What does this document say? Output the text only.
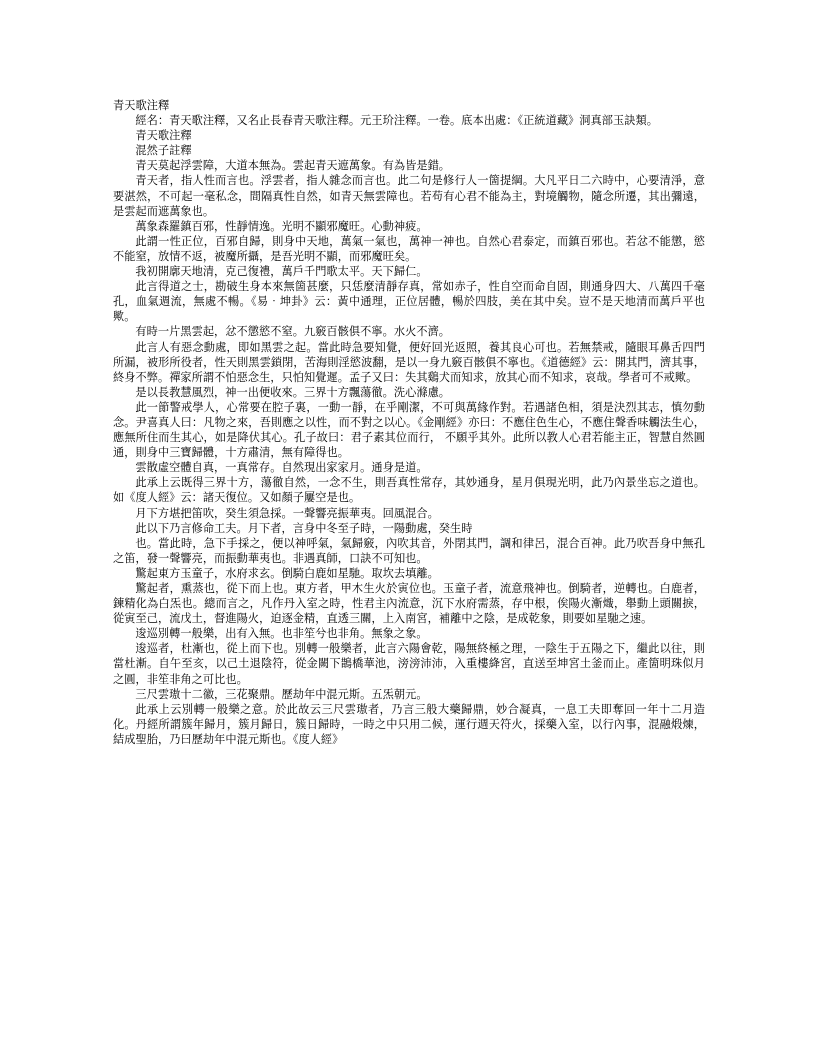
青天歌注釋

經名：青天歌注釋，又名止長春青天歌注釋。元王玠注釋。一卷。底本出處：《正統道藏》洞真部玉訣類。

青天歌注釋

混然子註釋

青天莫起浮雲障，大道本無為。雲起青天遮萬象。有為皆是錯。

青天者，指人性而言也。浮雲者，指人雜念而言也。此二句是修行人一箇提綱。大凡平日二六時中，心要清淨，意要湛然，不可起一毫私念，間隔真性自然，如青天無雲障也。若苟有心君不能為主，對境觸物，隨念所遷，其出彌遠，是雲起而遮萬象也。

萬象森羅鎮百邪，性靜情逸。光明不顯邪魔旺。心動神疲。

此謂一性正位，百邪自歸，則身中天地，萬氣一氣也，萬神一神也。自然心君泰定，而鎮百邪也。若忿不能懲，慾不能窒，放情不返，被魔所攝，是吾光明不顯，而邪魔旺矣。

我初開廓天地清，克己復禮，萬戶千門歌太平。天下歸仁。

此言得道之士，勘破生身本來無箇甚麼，只恁麼清靜存真，常如赤子，性自空而命自固，則通身四大、八萬四千毫孔，血氣週流，無處不暢。《易‧坤卦》云：黃中通理，正位居體，暢於四肢，美在其中矣。豈不是天地清而萬戶平也歟。

有時一片黑雲起，忿不懲慾不窒。九竅百骸俱不寧。水火不濟。

此言人有惡念動處，即如黑雲之起。當此時急要知覺，便好回光返照，養其良心可也。若無禁戒，隨眼耳鼻舌四門所漏，被形所役者，性天則黑雲鎖閉，苦海則淫慾波翻，是以一身九竅百骸俱不寧也。《道德經》云：開其門，濟其事，終身不弊。禪家所謂不怕惡念生，只怕知覺遲。孟子又曰：失其鷄犬而知求，放其心而不知求，哀哉。學者可不戒歟。

是以長教慧風烈，神一出便收來。三界十方飄蕩徹。洗心滌慮。

此一節警戒學人，心常要在腔子裏，一動一靜，在乎剛潔，不可與萬緣作對。若遇諸色相，須是決烈其志，慎勿動念。尹喜真人曰：凡物之來，吾則應之以性，而不對之以心。《金剛經》亦曰：不應住色生心，不應住聲香味觸法生心，應無所住而生其心，如是降伏其心。孔子故曰：君子素其位而行， 不願乎其外。此所以教人心君若能主正，智慧自然圓通，則身中三寶歸體，十方肅清，無有障得也。

雲散虛空體自真，一真常存。自然現出家家月。通身是道。

此承上云既得三界十方，蕩徹自然，一念不生，則吾真性常存，其妙通身，星月俱現光明，此乃內景坐忘之道也。如《度人經》云：諸天復位。又如顏子屢空是也。

月下方堪把笛吹，癸生須急採。一聲響亮振華夷。回風混合。

此以下乃言修命工夫。月下者，言身中冬至子時，一陽動處，癸生時

也。當此時，急下手採之，便以神呼氣，氣歸竅，內吹其音，外閉其門，調和律呂，混合百神。此乃吹吾身中無孔之笛，發一聲響亮，而振動華夷也。非遇真師，口訣不可知也。

驚起東方玉童子，水府求玄。倒騎白鹿如星馳。取坎去填離。

驚起者，熏蒸也，從下而上也。東方者，甲木生火於寅位也。玉童子者，流意飛神也。倒騎者，逆轉也。白鹿者，鍊精化為白炁也。總而言之，凡作丹入室之時，性君主內流意，沉下水府需蒸，存中根，俟陽火漸熾，舉動上頭關捩，從寅至己，流戊土，督進陽火，迫逐金精，直透三關，上入南宮，補離中之陰，是成乾象，則要如星馳之速。

逡巡別轉一般樂，出有入無。也非笙兮也非角。無象之象。

逡巡者，杜漸也，從上而下也。別轉一般樂者，此言六陽會乾，陽無終極之理，一陰生于五陽之下，繼此以往，則當杜漸。自午至亥，以己土退陰符，從金闕下鵲橋華池，滂滂沛沛，入重樓絳宮，直送至坤宮土釜而止。產箇明珠似月之圓，非笙非角之可比也。

三尺雲璈十二徽，三花聚鼎。歷劫年中混元斯。五炁朝元。

此承上云別轉一般樂之意。於此故云三尺雲璈者，乃言三般大藥歸鼎，妙合凝真，一息工夫即奪回一年十二月造化。丹經所謂簇年歸月，簇月歸日，簇日歸時，一時之中只用二候，運行週天符火，採藥入室，以行內事，混融煅煉，結成聖胎，乃曰歷劫年中混元斯也。《度人經》
